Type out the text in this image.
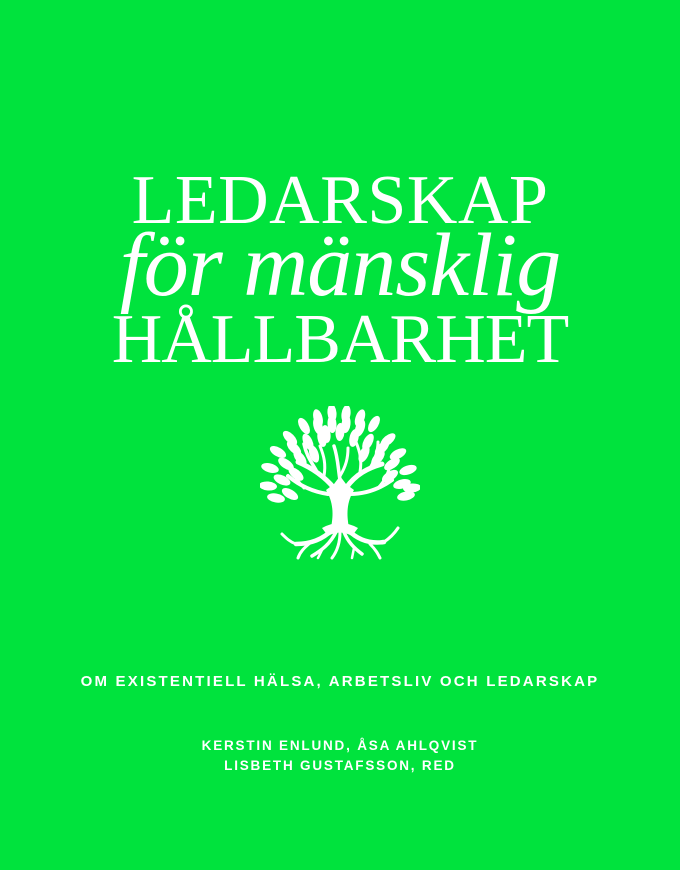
LEDARSKAP
för mänsklig
HÅLLBARHET
OM EXISTENTIELL HÄLSA, ARBETSLIV OCH LEDARSKAP
KERSTIN ENLUND, ÅSA AHLQVIST
LISBETH GUSTAFSSON, RED
